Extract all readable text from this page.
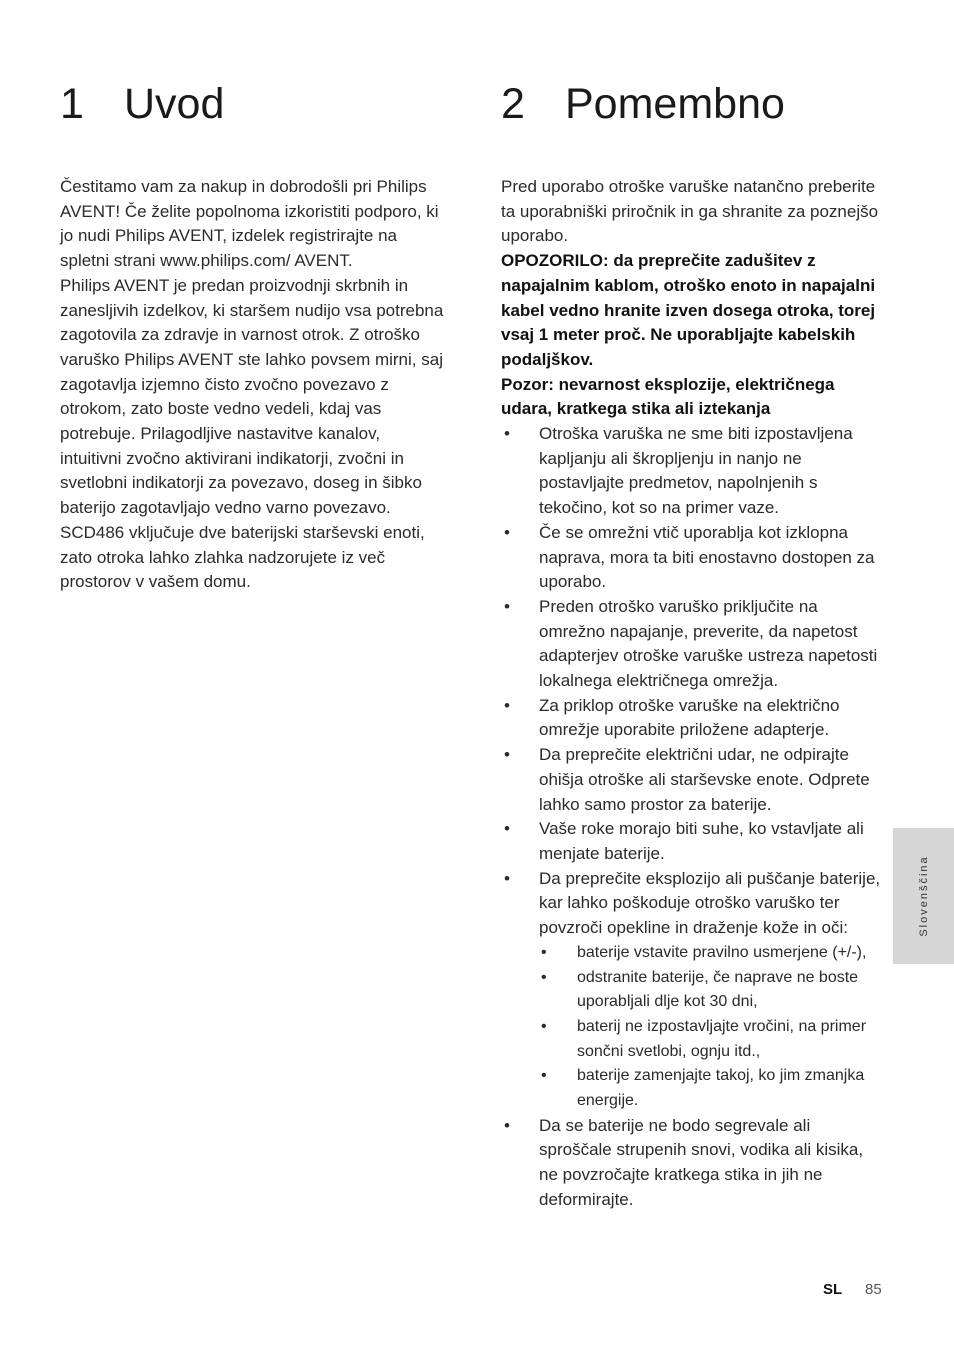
1 Uvod

Čestitamo vam za nakup in dobrodošli pri Philips AVENT! Če želite popolnoma izkoristiti podporo, ki jo nudi Philips AVENT, izdelek registrirajte na spletni strani www.philips.com/ AVENT.

Philips AVENT je predan proizvodnji skrbnih in zanesljivih izdelkov, ki staršem nudijo vsa potrebna zagotovila za zdravje in varnost otrok. Z otroško varuško Philips AVENT ste lahko povsem mirni, saj zagotavlja izjemno čisto zvočno povezavo z otrokom, zato boste vedno vedeli, kdaj vas potrebuje. Prilagodljive nastavitve kanalov, intuitivni zvočno aktivirani indikatorji, zvočni in svetlobni indikatorji za povezavo, doseg in šibko baterijo zagotavljajo vedno varno povezavo.

SCD486 vključuje dve baterijski starševski enoti, zato otroka lahko zlahka nadzorujete iz več prostorov v vašem domu.

2 Pomembno

Pred uporabo otroške varuške natančno preberite ta uporabniški priročnik in ga shranite za poznejšo uporabo.

OPOZORILO: da preprečite zadušitev z napajalnim kablom, otroško enoto in napajalni kabel vedno hranite izven dosega otroka, torej vsaj 1 meter proč. Ne uporabljajte kabelskih podaljškov.

Pozor: nevarnost eksplozije, električnega udara, kratkega stika ali iztekanja

• Otroška varuška ne sme biti izpostavljena kapljanju ali škropljenju in nanjo ne postavljajte predmetov, napolnjenih s tekočino, kot so na primer vaze.
• Če se omrežni vtič uporablja kot izklopna naprava, mora ta biti enostavno dostopen za uporabo.
• Preden otroško varuško priključite na omrežno napajanje, preverite, da napetost adapterjev otroške varuške ustreza napetosti lokalnega električnega omrežja.
• Za priklop otroške varuške na električno omrežje uporabite priložene adapterje.
• Da preprečite električni udar, ne odpirajte ohišja otroške ali starševske enote. Odprete lahko samo prostor za baterije.
• Vaše roke morajo biti suhe, ko vstavljate ali menjate baterije.
• Da preprečite eksplozijo ali puščanje baterije, kar lahko poškoduje otroško varuško ter povzroči opekline in draženje kože in oči:
• baterije vstavite pravilno usmerjene (+/-),
• odstranite baterije, če naprave ne boste uporabljali dlje kot 30 dni,
• baterij ne izpostavljajte vročini, na primer sončni svetlobi, ognju itd.,
• baterije zamenjajte takoj, ko jim zmanjka energije.
• Da se baterije ne bodo segrevale ali sproščale strupenih snovi, vodika ali kisika, ne povzročajte kratkega stika in jih ne deformirajte.
Slovenščina
SL 85
